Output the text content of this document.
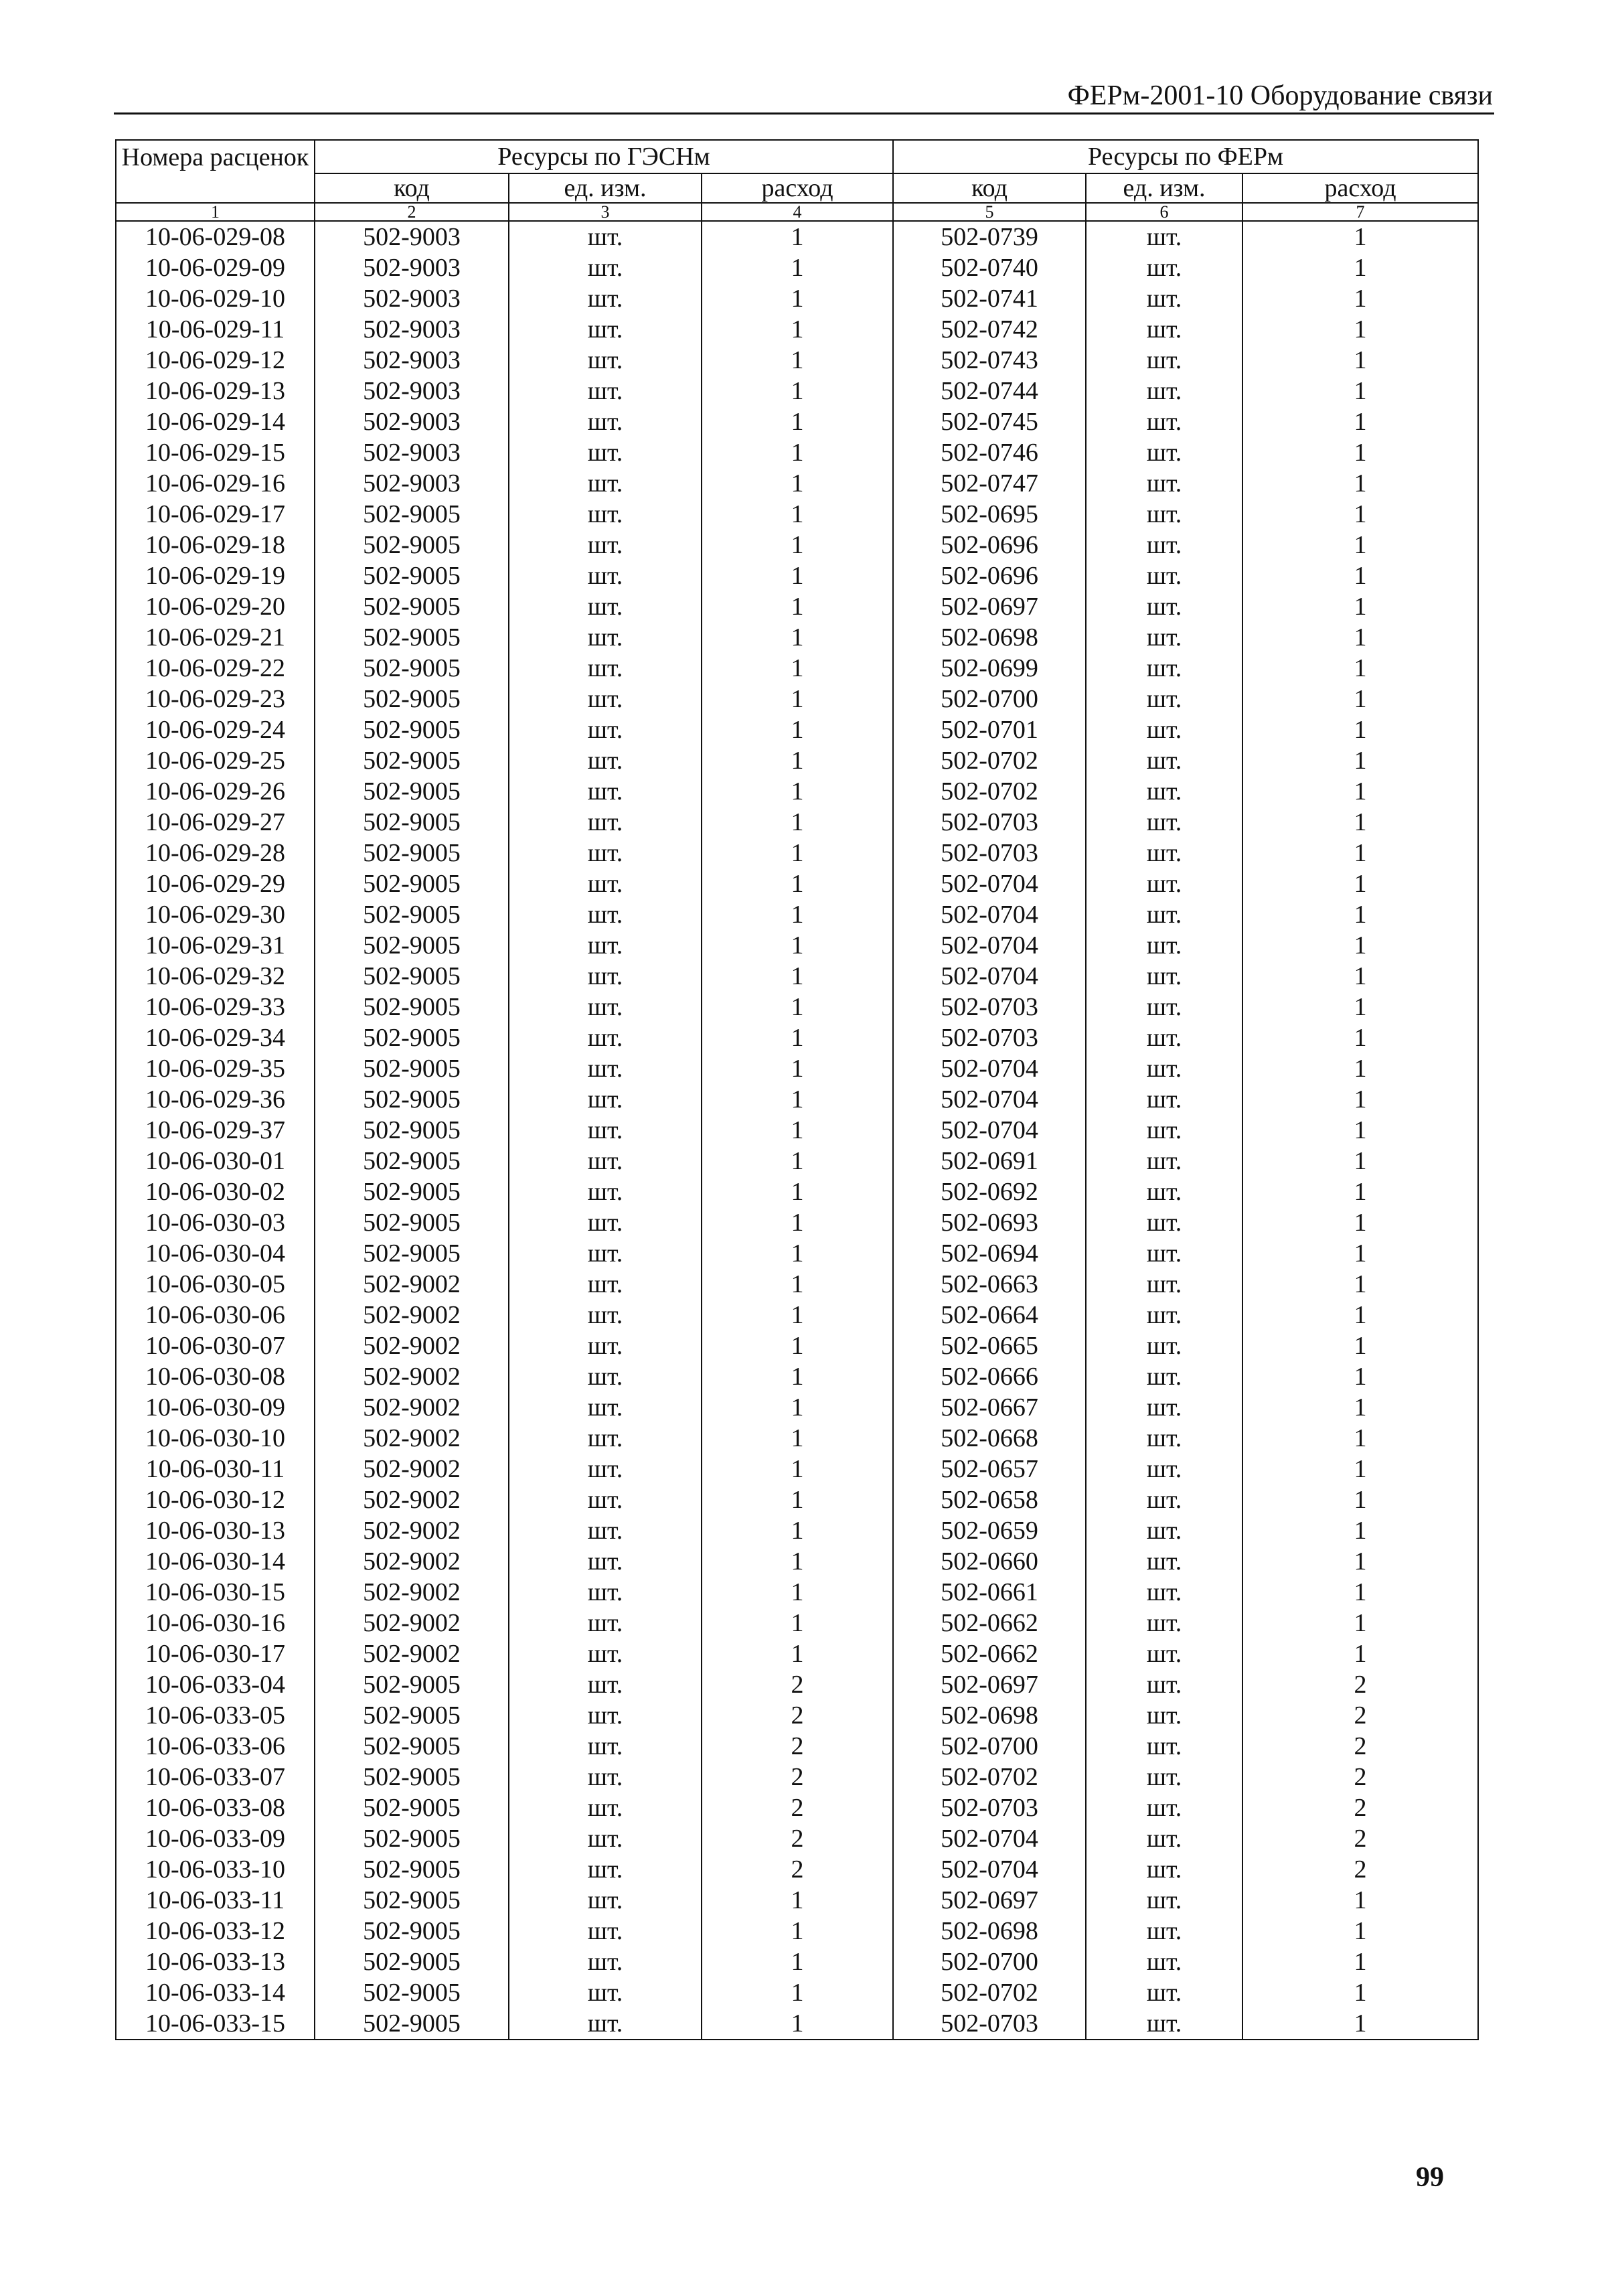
ФЕРм-2001-10 Оборудование связи
Номера расценок	Ресурсы по ГЭСНм			Ресурсы по ФЕРм		
	код	ед. изм.	расход	код	ед. изм.	расход
1	2	3	4	5	6	7
10-06-029-08	502-9003	шт.	1	502-0739	шт.	1
10-06-029-09	502-9003	шт.	1	502-0740	шт.	1
10-06-029-10	502-9003	шт.	1	502-0741	шт.	1
10-06-029-11	502-9003	шт.	1	502-0742	шт.	1
10-06-029-12	502-9003	шт.	1	502-0743	шт.	1
10-06-029-13	502-9003	шт.	1	502-0744	шт.	1
10-06-029-14	502-9003	шт.	1	502-0745	шт.	1
10-06-029-15	502-9003	шт.	1	502-0746	шт.	1
10-06-029-16	502-9003	шт.	1	502-0747	шт.	1
10-06-029-17	502-9005	шт.	1	502-0695	шт.	1
10-06-029-18	502-9005	шт.	1	502-0696	шт.	1
10-06-029-19	502-9005	шт.	1	502-0696	шт.	1
10-06-029-20	502-9005	шт.	1	502-0697	шт.	1
10-06-029-21	502-9005	шт.	1	502-0698	шт.	1
10-06-029-22	502-9005	шт.	1	502-0699	шт.	1
10-06-029-23	502-9005	шт.	1	502-0700	шт.	1
10-06-029-24	502-9005	шт.	1	502-0701	шт.	1
10-06-029-25	502-9005	шт.	1	502-0702	шт.	1
10-06-029-26	502-9005	шт.	1	502-0702	шт.	1
10-06-029-27	502-9005	шт.	1	502-0703	шт.	1
10-06-029-28	502-9005	шт.	1	502-0703	шт.	1
10-06-029-29	502-9005	шт.	1	502-0704	шт.	1
10-06-029-30	502-9005	шт.	1	502-0704	шт.	1
10-06-029-31	502-9005	шт.	1	502-0704	шт.	1
10-06-029-32	502-9005	шт.	1	502-0704	шт.	1
10-06-029-33	502-9005	шт.	1	502-0703	шт.	1
10-06-029-34	502-9005	шт.	1	502-0703	шт.	1
10-06-029-35	502-9005	шт.	1	502-0704	шт.	1
10-06-029-36	502-9005	шт.	1	502-0704	шт.	1
10-06-029-37	502-9005	шт.	1	502-0704	шт.	1
10-06-030-01	502-9005	шт.	1	502-0691	шт.	1
10-06-030-02	502-9005	шт.	1	502-0692	шт.	1
10-06-030-03	502-9005	шт.	1	502-0693	шт.	1
10-06-030-04	502-9005	шт.	1	502-0694	шт.	1
10-06-030-05	502-9002	шт.	1	502-0663	шт.	1
10-06-030-06	502-9002	шт.	1	502-0664	шт.	1
10-06-030-07	502-9002	шт.	1	502-0665	шт.	1
10-06-030-08	502-9002	шт.	1	502-0666	шт.	1
10-06-030-09	502-9002	шт.	1	502-0667	шт.	1
10-06-030-10	502-9002	шт.	1	502-0668	шт.	1
10-06-030-11	502-9002	шт.	1	502-0657	шт.	1
10-06-030-12	502-9002	шт.	1	502-0658	шт.	1
10-06-030-13	502-9002	шт.	1	502-0659	шт.	1
10-06-030-14	502-9002	шт.	1	502-0660	шт.	1
10-06-030-15	502-9002	шт.	1	502-0661	шт.	1
10-06-030-16	502-9002	шт.	1	502-0662	шт.	1
10-06-030-17	502-9002	шт.	1	502-0662	шт.	1
10-06-033-04	502-9005	шт.	2	502-0697	шт.	2
10-06-033-05	502-9005	шт.	2	502-0698	шт.	2
10-06-033-06	502-9005	шт.	2	502-0700	шт.	2
10-06-033-07	502-9005	шт.	2	502-0702	шт.	2
10-06-033-08	502-9005	шт.	2	502-0703	шт.	2
10-06-033-09	502-9005	шт.	2	502-0704	шт.	2
10-06-033-10	502-9005	шт.	2	502-0704	шт.	2
10-06-033-11	502-9005	шт.	1	502-0697	шт.	1
10-06-033-12	502-9005	шт.	1	502-0698	шт.	1
10-06-033-13	502-9005	шт.	1	502-0700	шт.	1
10-06-033-14	502-9005	шт.	1	502-0702	шт.	1
10-06-033-15	502-9005	шт.	1	502-0703	шт.	1
99
